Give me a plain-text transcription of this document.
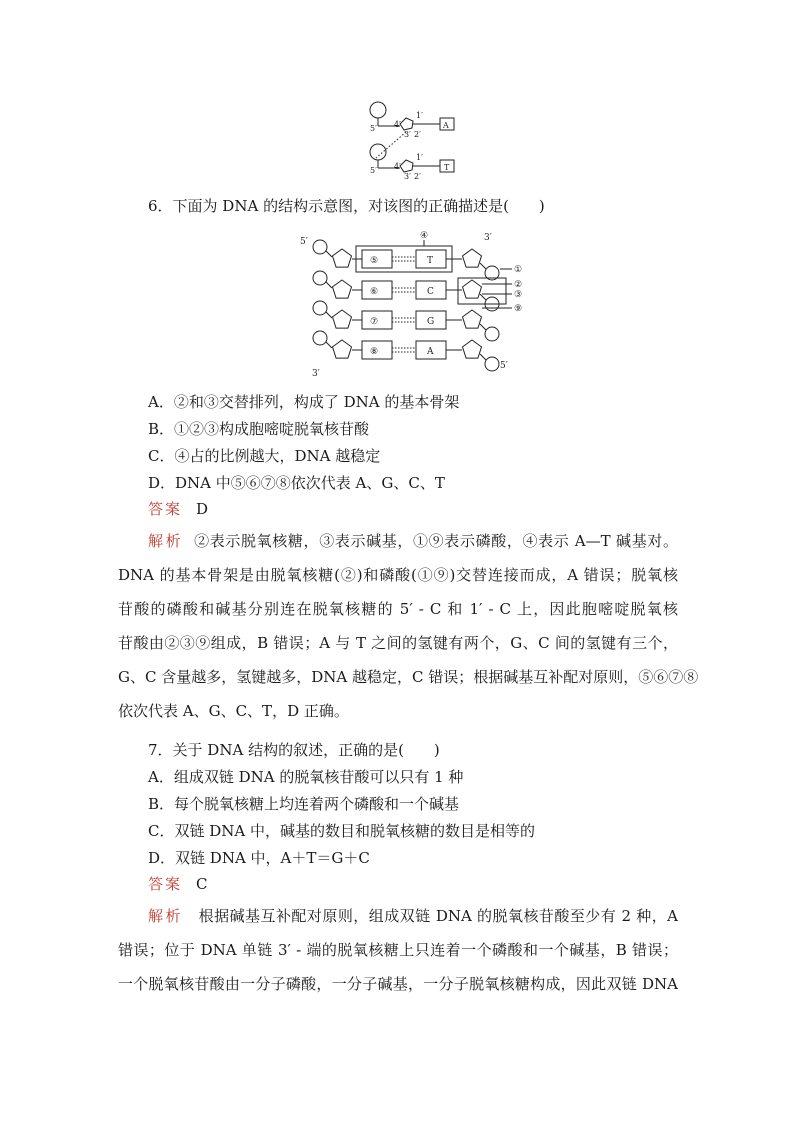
5′ 4′
3′ 2′
1′
A
5′ 4′
3′ 2′
1′
T
6．下面为 DNA 的结构示意图，对该图的正确描述是(　　)
5′	3′
3′
5′
④
⑤	T
⑥	C
⑦	G
⑧	A
①
②
③
⑨
A．②和③交替排列，构成了 DNA 的基本骨架
B．①②③构成胞嘧啶脱氧核苷酸
C．④占的比例越大，DNA 越稳定
D．DNA 中⑤⑥⑦⑧依次代表 A、G、C、T
答案 D

解析 ②表示脱氧核糖，③表示碱基，①⑨表示磷酸，④表示 A—T 碱基对。

DNA 的基本骨架是由脱氧核糖(②)和磷酸(①⑨)交替连接而成，A 错误；脱氧核

苷酸的磷酸和碱基分别连在脱氧核糖的 5′ - C 和 1′ - C 上，因此胞嘧啶脱氧核

苷酸由②③⑨组成，B 错误；A 与 T 之间的氢键有两个，G、C 间的氢键有三个，

G、C 含量越多，氢键越多，DNA 越稳定，C 错误；根据碱基互补配对原则，⑤⑥⑦⑧

依次代表 A、G、C、T，D 正确。

7．关于 DNA 结构的叙述，正确的是(　　)
A．组成双链 DNA 的脱氧核苷酸可以只有 1 种
B．每个脱氧核糖上均连着两个磷酸和一个碱基
C．双链 DNA 中，碱基的数目和脱氧核糖的数目是相等的
D．双链 DNA 中，A＋T＝G＋C
答案 C

解析 根据碱基互补配对原则，组成双链 DNA 的脱氧核苷酸至少有 2 种，A

错误；位于 DNA 单链 3′ - 端的脱氧核糖上只连着一个磷酸和一个碱基，B 错误；

一个脱氧核苷酸由一分子磷酸，一分子碱基，一分子脱氧核糖构成，因此双链 DNA
